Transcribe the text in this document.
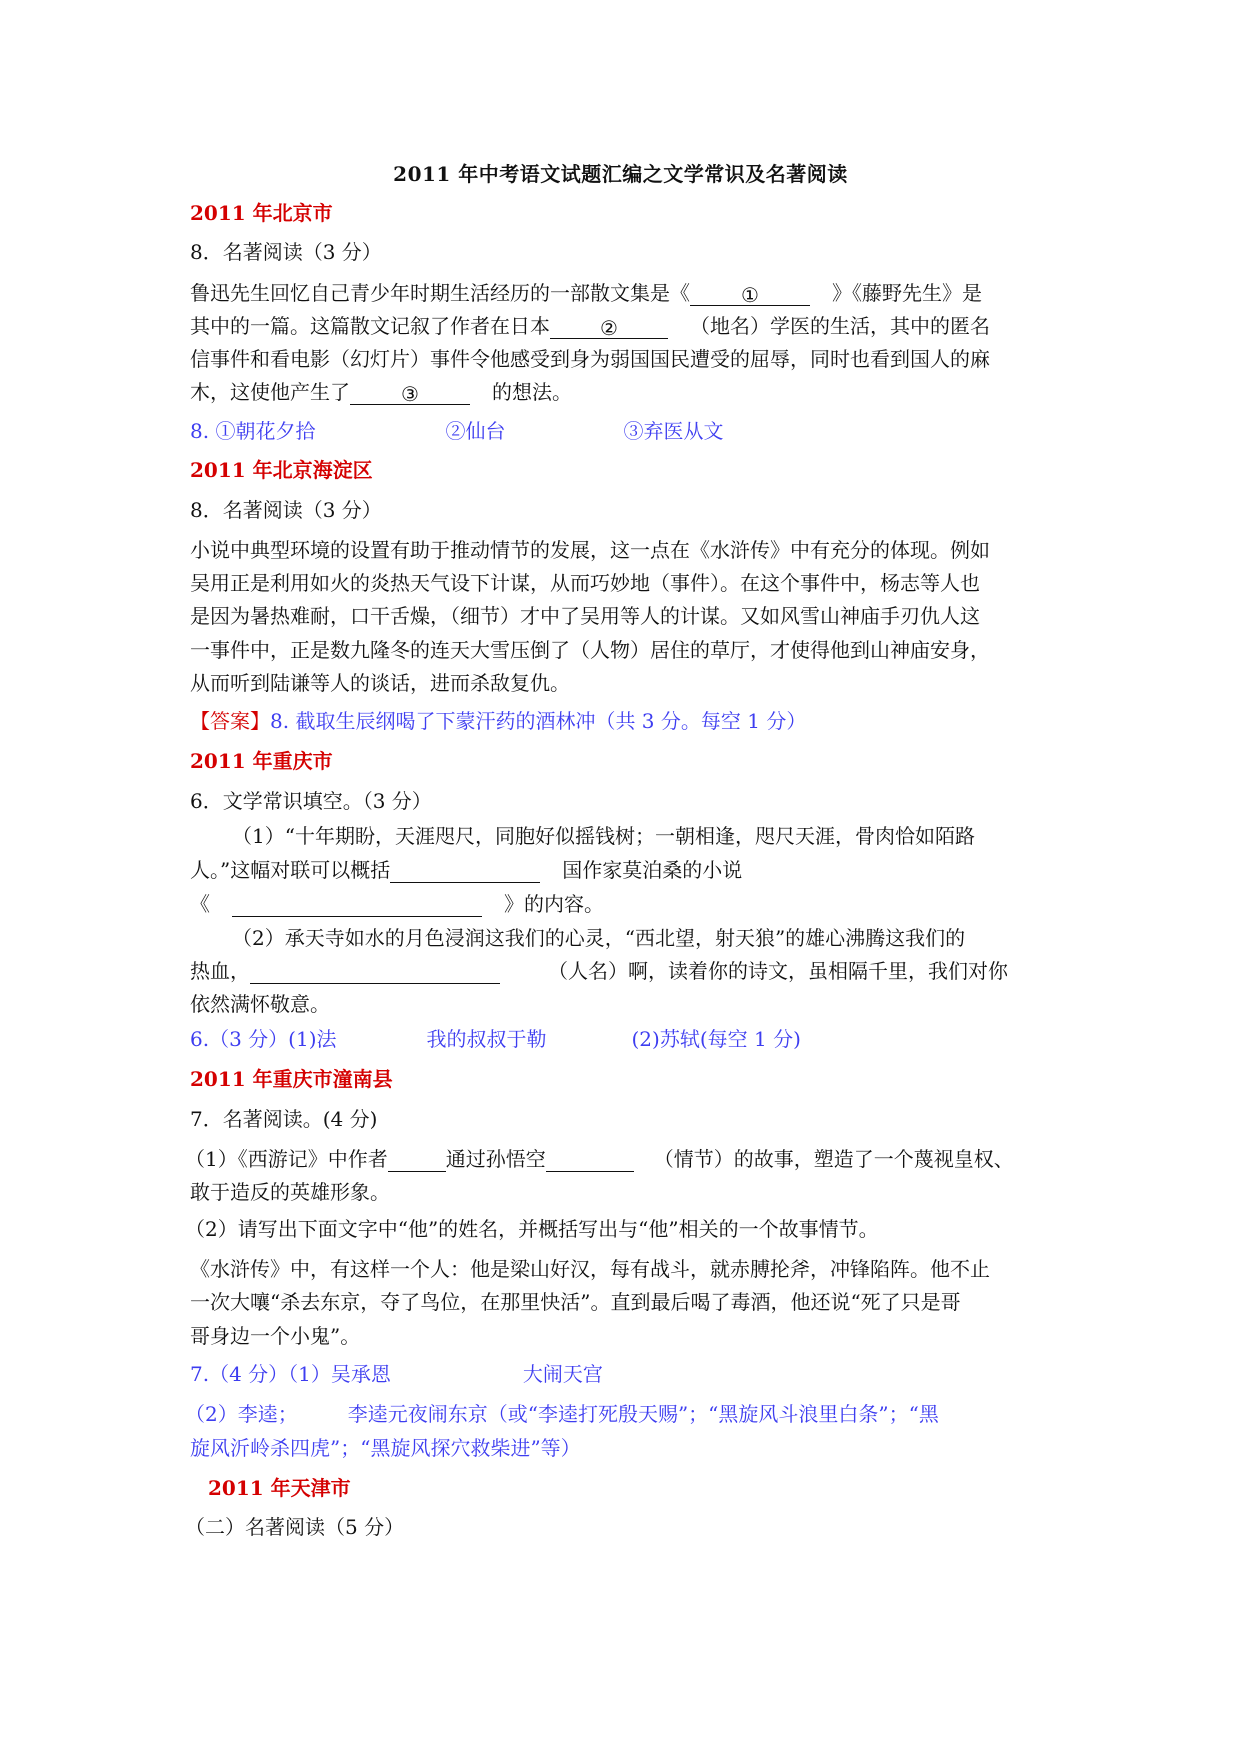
2011 年中考语文试题汇编之文学常识及名著阅读
2011 年北京市
8．名著阅读（3 分）
鲁迅先生回忆自己青少年时期生活经历的一部散文集是《	①	》《藤野先生》是
其中的一篇。这篇散文记叙了作者在日本	②	（地名）学医的生活，其中的匿名
信事件和看电影（幻灯片）事件令他感受到身为弱国国民遭受的屈辱，同时也看到国人的麻
木，这使他产生了	③	的想法。
8. ①朝花夕拾	②仙台	③弃医从文
2011 年北京海淀区
8．名著阅读（3 分）
小说中典型环境的设置有助于推动情节的发展，这一点在《水浒传》中有充分的体现。例如
吴用正是利用如火的炎热天气设下计谋，从而巧妙地（事件）。在这个事件中，杨志等人也
是因为暑热难耐，口干舌燥，（细节）才中了吴用等人的计谋。又如风雪山神庙手刃仇人这
一事件中，正是数九隆冬的连天大雪压倒了（人物）居住的草厅，才使得他到山神庙安身，
从而听到陆谦等人的谈话，进而杀敌复仇。
【答案】8. 截取生辰纲喝了下蒙汗药的酒林冲（共 3 分。每空 1 分）
2011 年重庆市
6．文学常识填空。（3 分）
（1）“十年期盼，天涯咫尺，同胞好似摇钱树；一朝相逢，咫尺天涯，骨肉恰如陌路
人。”这幅对联可以概括	国作家莫泊桑的小说
《	》的内容。
（2）承天寺如水的月色浸润这我们的心灵，“西北望，射天狼”的雄心沸腾这我们的
热血，	（人名）啊，读着你的诗文，虽相隔千里，我们对你
依然满怀敬意。
6.（3 分）(1)法	我的叔叔于勒	(2)苏轼(每空 1 分)
2011 年重庆市潼南县
7．名著阅读。(4 分)
（1）《西游记》中作者	通过孙悟空	（情节）的故事，塑造了一个蔑视皇权、
敢于造反的英雄形象。
（2）请写出下面文字中“他”的姓名，并概括写出与“他”相关的一个故事情节。
《水浒传》中，有这样一个人：他是梁山好汉，每有战斗，就赤膊抡斧，冲锋陷阵。他不止
一次大嚷“杀去东京，夺了鸟位，在那里快活”。直到最后喝了毒酒，他还说“死了只是哥
哥身边一个小鬼”。
7.（4 分）（1）吴承恩	大闹天宫
（2）李逵；	李逵元夜闹东京（或“李逵打死殷天赐”；“黑旋风斗浪里白条”；“黑
旋风沂岭杀四虎”；“黑旋风探穴救柴进”等）
2011 年天津市
（二）名著阅读（5 分）
